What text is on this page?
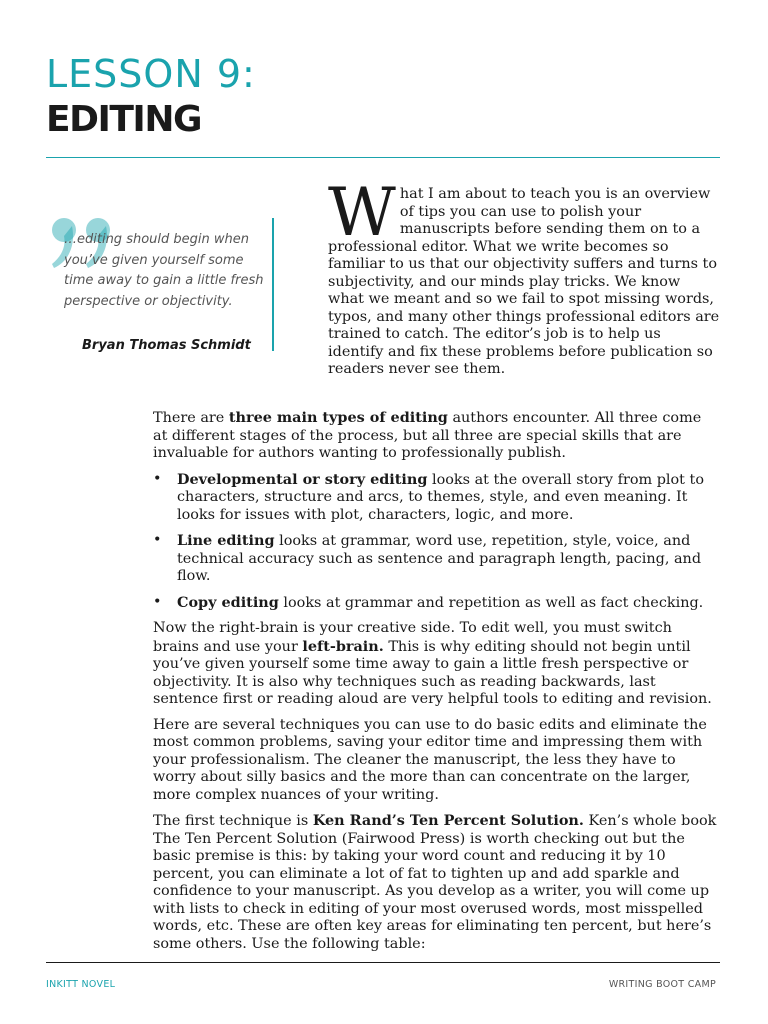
LESSON 9:
EDITING

…editing should begin when you’ve given yourself some time away to gain a little fresh perspective or objectivity.

Bryan Thomas Schmidt

What I am about to teach you is an overview of tips you can use to polish your manuscripts before sending them on to a professional editor. What we write becomes so familiar to us that our objectivity suffers and turns to subjectivity, and our minds play tricks. We know what we meant and so we fail to spot missing words, typos, and many other things professional editors are trained to catch. The editor’s job is to help us identify and fix these problems before publication so readers never see them.

There are three main types of editing authors encounter. All three come at different stages of the process, but all three are special skills that are invaluable for authors wanting to professionally publish.

• Developmental or story editing looks at the overall story from plot to characters, structure and arcs, to themes, style, and even meaning. It looks for issues with plot, characters, logic, and more.
• Line editing looks at grammar, word use, repetition, style, voice, and technical accuracy such as sentence and paragraph length, pacing, and flow.
• Copy editing looks at grammar and repetition as well as fact checking.

Now the right-brain is your creative side. To edit well, you must switch brains and use your left-brain. This is why editing should not begin until you’ve given yourself some time away to gain a little fresh perspective or objectivity. It is also why techniques such as reading backwards, last sentence first or reading aloud are very helpful tools to editing and revision.

Here are several techniques you can use to do basic edits and eliminate the most common problems, saving your editor time and impressing them with your professionalism. The cleaner the manuscript, the less they have to worry about silly basics and the more than can concentrate on the larger, more complex nuances of your writing.

The first technique is Ken Rand’s Ten Percent Solution. Ken’s whole book The Ten Percent Solution (Fairwood Press) is worth checking out but the basic premise is this: by taking your word count and reducing it by 10 percent, you can eliminate a lot of fat to tighten up and add sparkle and confidence to your manuscript. As you develop as a writer, you will come up with lists to check in editing of your most overused words, most misspelled words, etc. These are often key areas for eliminating ten percent, but here’s some others. Use the following table:

INKITT NOVEL	WRITING BOOT CAMP
